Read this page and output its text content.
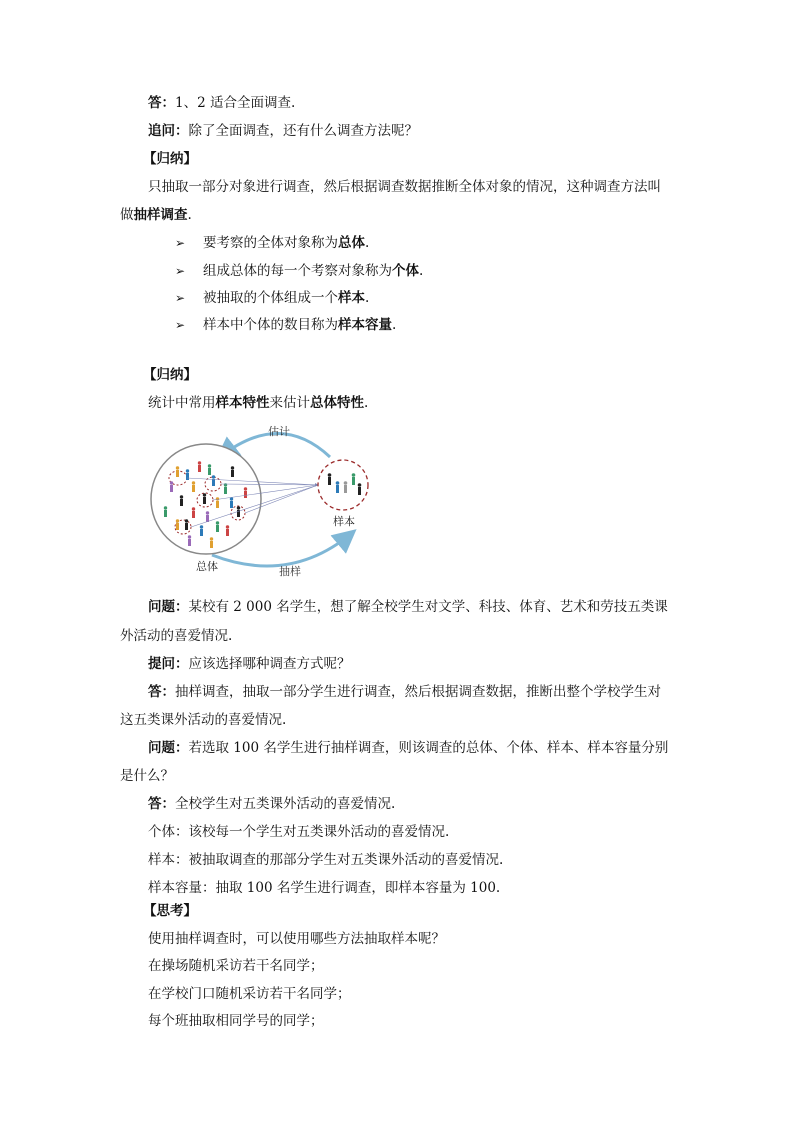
答：1、2 适合全面调查.
追问：除了全面调查，还有什么调查方法呢？
【归纳】
只抽取一部分对象进行调查，然后根据调查数据推断全体对象的情况，这种调查方法叫
做抽样调查.
➢ 要考察的全体对象称为总体.
➢ 组成总体的每一个考察对象称为个体.
➢ 被抽取的个体组成一个样本.
➢ 样本中个体的数目称为样本容量.
【归纳】
统计中常用样本特性来估计总体特性.
估计
抽样
样本
总体
问题：某校有 2 000 名学生，想了解全校学生对文学、科技、体育、艺术和劳技五类课
外活动的喜爱情况.
提问：应该选择哪种调查方式呢？
答：抽样调查，抽取一部分学生进行调查，然后根据调查数据，推断出整个学校学生对
这五类课外活动的喜爱情况.
问题：若选取 100 名学生进行抽样调查，则该调查的总体、个体、样本、样本容量分别
是什么？
答：全校学生对五类课外活动的喜爱情况.
个体：该校每一个学生对五类课外活动的喜爱情况.
样本：被抽取调查的那部分学生对五类课外活动的喜爱情况.
样本容量：抽取 100 名学生进行调查，即样本容量为 100.
【思考】
使用抽样调查时，可以使用哪些方法抽取样本呢？
在操场随机采访若干名同学；
在学校门口随机采访若干名同学；
每个班抽取相同学号的同学；
